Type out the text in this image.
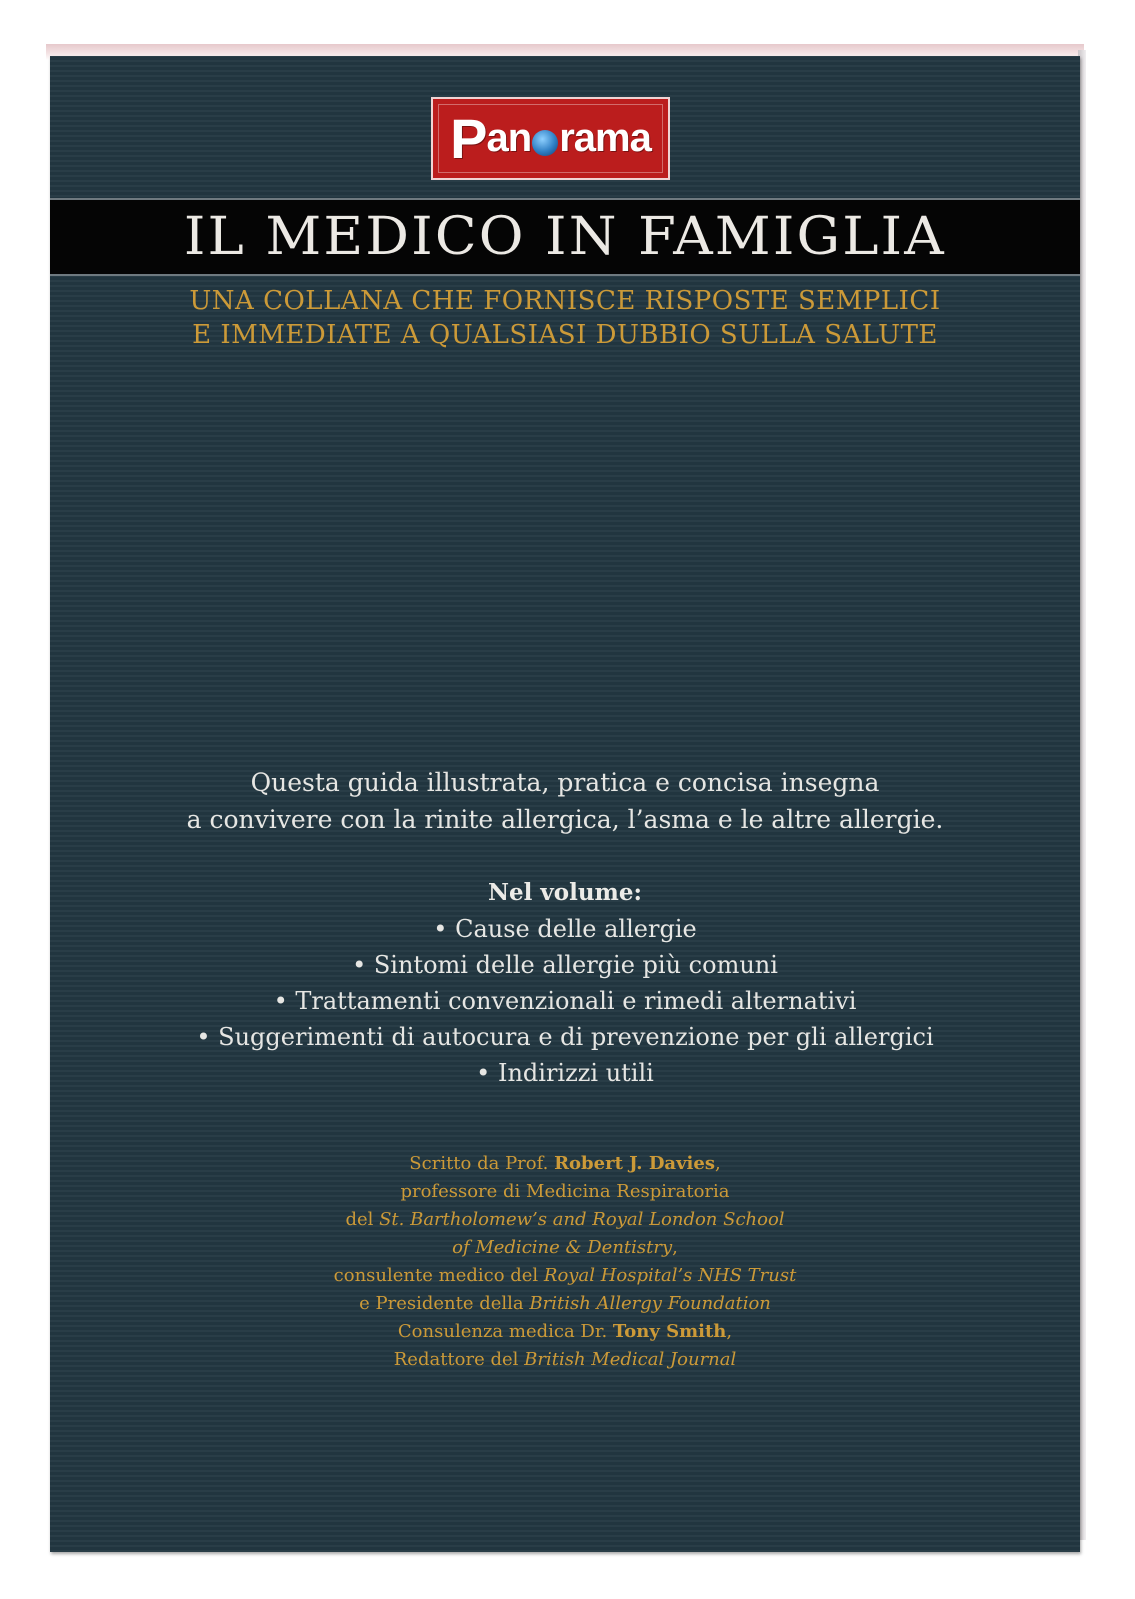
P an rama
IL MEDICO IN FAMIGLIA
UNA COLLANA CHE FORNISCE RISPOSTE SEMPLICI
E IMMEDIATE A QUALSIASI DUBBIO SULLA SALUTE
Questa guida illustrata, pratica e concisa insegna
a convivere con la rinite allergica, l’asma e le altre allergie.
Nel volume:
• Cause delle allergie
• Sintomi delle allergie più comuni
• Trattamenti convenzionali e rimedi alternativi
• Suggerimenti di autocura e di prevenzione per gli allergici
• Indirizzi utili
Scritto da Prof. Robert J. Davies,
professore di Medicina Respiratoria
del St. Bartholomew’s and Royal London School
of Medicine & Dentistry,
consulente medico del Royal Hospital’s NHS Trust
e Presidente della British Allergy Foundation
Consulenza medica Dr. Tony Smith,
Redattore del British Medical Journal
